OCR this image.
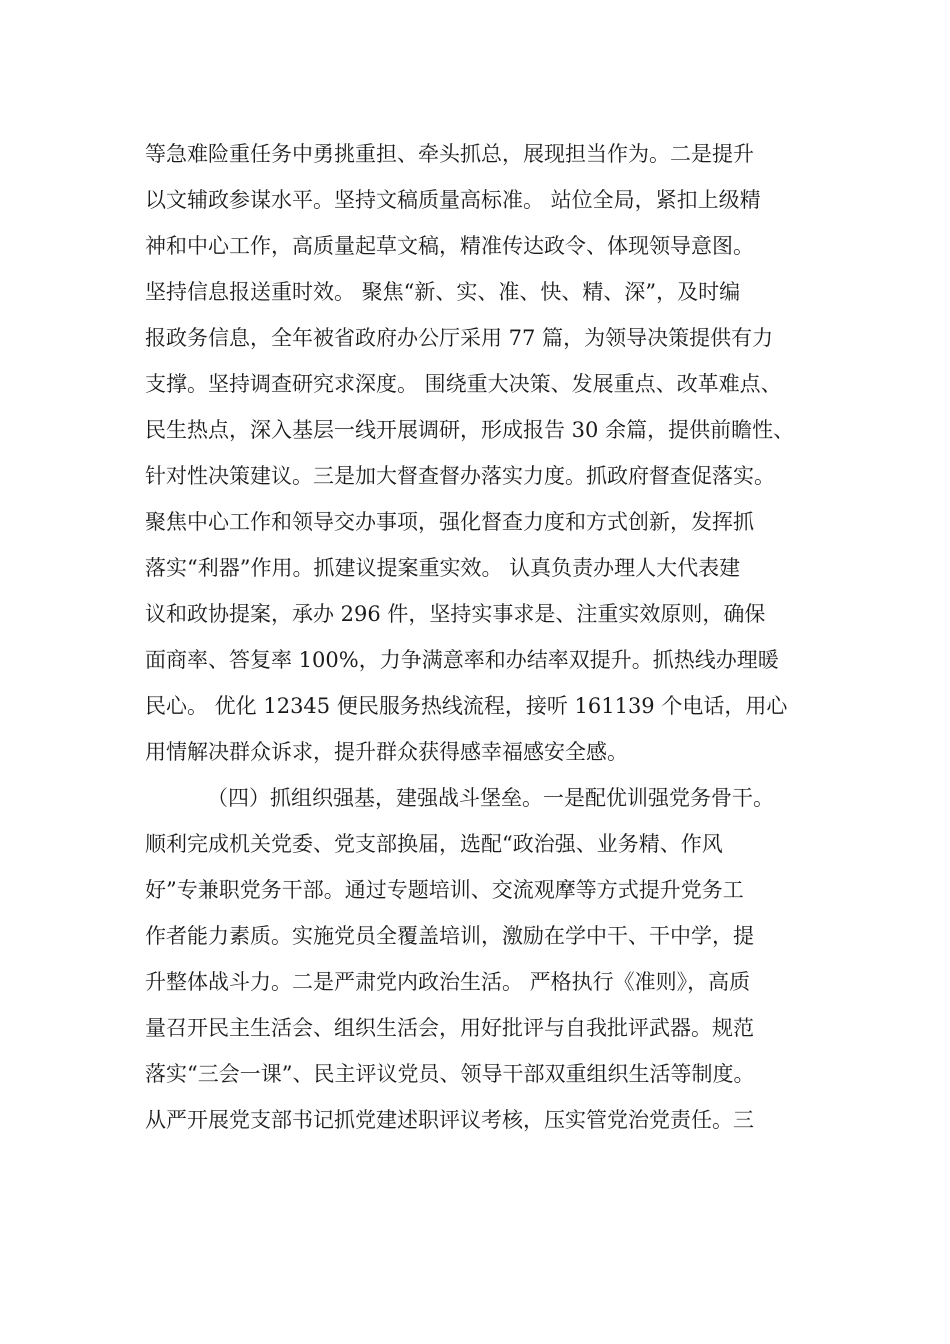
等急难险重任务中勇挑重担、牵头抓总，展现担当作为。二是提升
以文辅政参谋水平。坚持文稿质量高标准。 站位全局，紧扣上级精
神和中心工作，高质量起草文稿，精准传达政令、体现领导意图。
坚持信息报送重时效。 聚焦“新、实、准、快、精、深”，及时编
报政务信息，全年被省政府办公厅采用 77 篇，为领导决策提供有力
支撑。坚持调查研究求深度。 围绕重大决策、发展重点、改革难点、
民生热点，深入基层一线开展调研，形成报告 30 余篇，提供前瞻性、
针对性决策建议。三是加大督查督办落实力度。抓政府督查促落实。
聚焦中心工作和领导交办事项，强化督查力度和方式创新，发挥抓
落实“利器”作用。抓建议提案重实效。 认真负责办理人大代表建
议和政协提案，承办 296 件，坚持实事求是、注重实效原则，确保
面商率、答复率 100%，力争满意率和办结率双提升。抓热线办理暖
民心。 优化 12345 便民服务热线流程，接听 161139 个电话，用心
用情解决群众诉求，提升群众获得感幸福感安全感。
（四）抓组织强基，建强战斗堡垒。一是配优训强党务骨干。
顺利完成机关党委、党支部换届，选配“政治强、业务精、作风
好”专兼职党务干部。通过专题培训、交流观摩等方式提升党务工
作者能力素质。实施党员全覆盖培训，激励在学中干、干中学，提
升整体战斗力。二是严肃党内政治生活。 严格执行《准则》，高质
量召开民主生活会、组织生活会，用好批评与自我批评武器。规范
落实“三会一课”、民主评议党员、领导干部双重组织生活等制度。
从严开展党支部书记抓党建述职评议考核，压实管党治党责任。三
